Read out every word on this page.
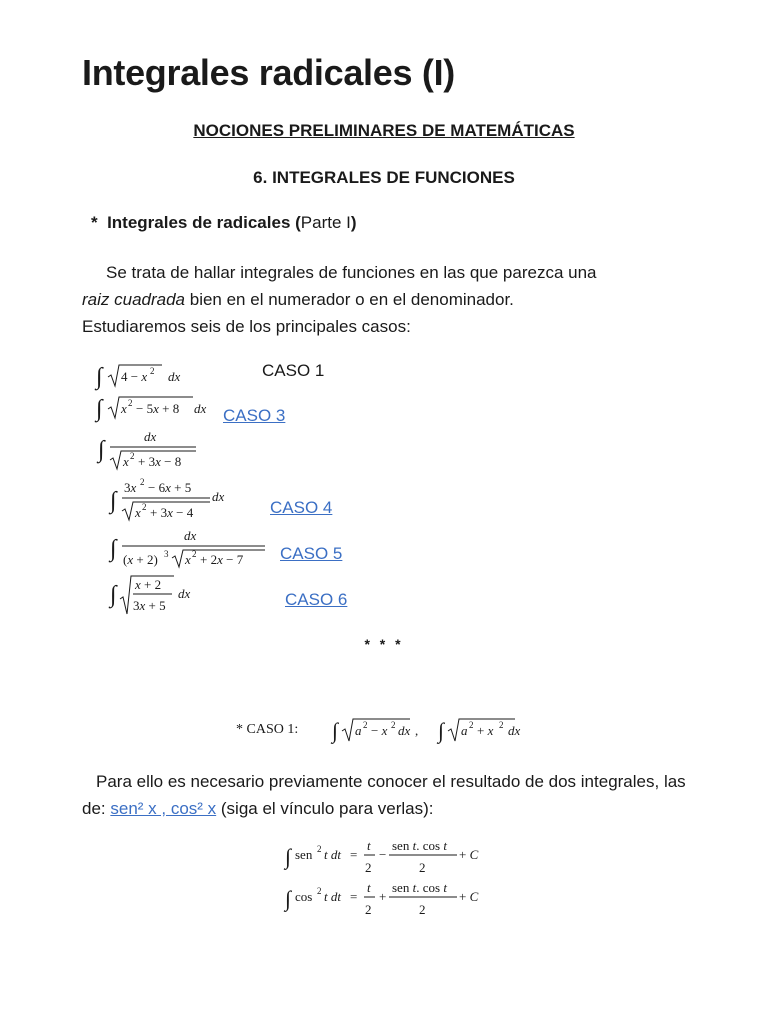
Integrales radicales (I)
NOCIONES PRELIMINARES DE MATEMÁTICAS
6. INTEGRALES DE FUNCIONES
* Integrales de radicales (Parte I)
Se trata de hallar integrales de funciones en las que parezca una
raiz cuadrada bien en el numerador o en el denominador.
Estudiaremos seis de los principales casos:
∫ 4 − x 2 dx	CASO 1
∫ x 2 − 5x + 8 dx CASO 3
∫
dx
x 2 + 3x − 8
∫
3x 2 − 6x + 5
x 2 + 3x − 4
dx
CASO 4
∫
dx
(x + 2) 3 x 2 + 2x − 7 CASO 5
∫ x + 2
3x + 5
dx	CASO 6
* * *
* CASO 1: ∫ a 2 − x 2 dx , ∫ a 2 + x 2 dx
Para ello es necesario previamente conocer el resultado de dos integrales, las de: sen² x , cos² x (siga el vínculo para verlas):
∫ sen 2 t dt =
t
2
−
sen t. cos t
2
+ C
∫ cos 2 t dt =
t
2
+
sen t. cos t
2
+ C
